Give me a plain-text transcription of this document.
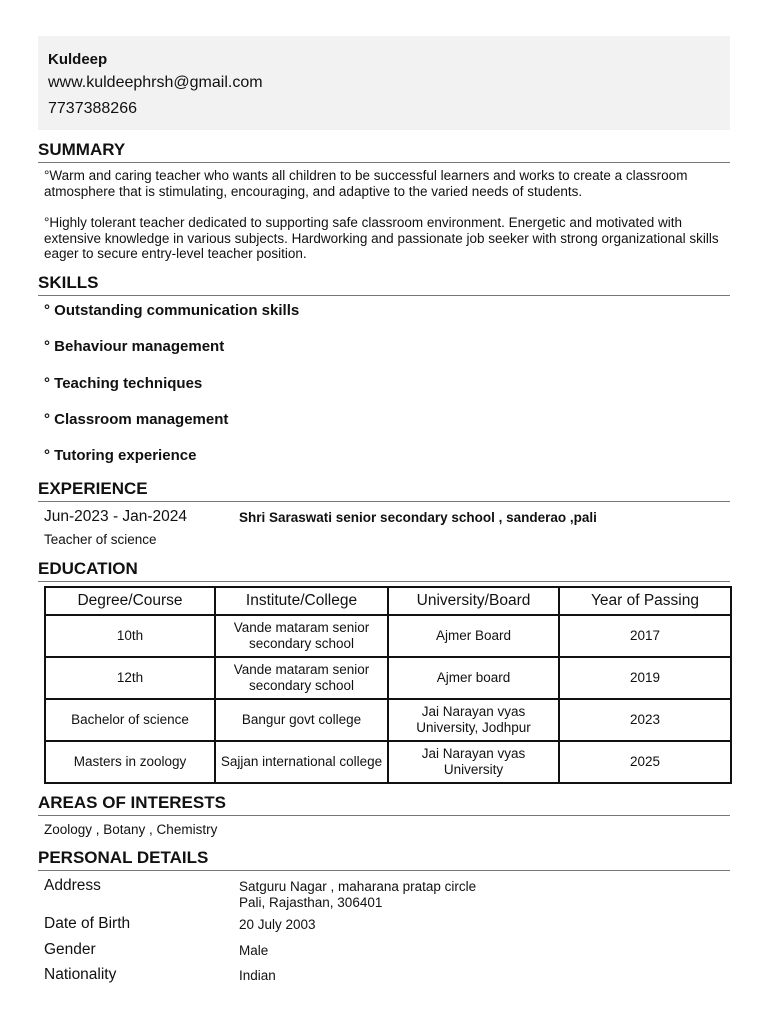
Kuldeep
www.kuldeephrsh@gmail.com
7737388266
SUMMARY
°Warm and caring teacher who wants all children to be successful learners and works to create a classroom atmosphere that is stimulating, encouraging, and adaptive to the varied needs of students.
°Highly tolerant teacher dedicated to supporting safe classroom environment. Energetic and motivated with extensive knowledge in various subjects. Hardworking and passionate job seeker with strong organizational skills eager to secure entry-level teacher position.
SKILLS
° Outstanding communication skills
° Behaviour management
° Teaching techniques
° Classroom management
° Tutoring experience
EXPERIENCE
Jun-2023 - Jan-2024	Shri Saraswati senior secondary school , sanderao ,pali
Teacher of science
EDUCATION
Degree/Course	Institute/College	University/Board	Year of Passing
10th	Vande mataram senior secondary school	Ajmer Board	2017
12th	Vande mataram senior secondary school	Ajmer board	2019
Bachelor of science	Bangur govt college	Jai Narayan vyas University, Jodhpur	2023
Masters in zoology	Sajjan international college	Jai Narayan vyas University	2025
AREAS OF INTERESTS
Zoology , Botany , Chemistry
PERSONAL DETAILS
Address	Satguru Nagar , maharana pratap circle
Pali, Rajasthan, 306401
Date of Birth	20 July 2003
Gender	Male
Nationality	Indian
